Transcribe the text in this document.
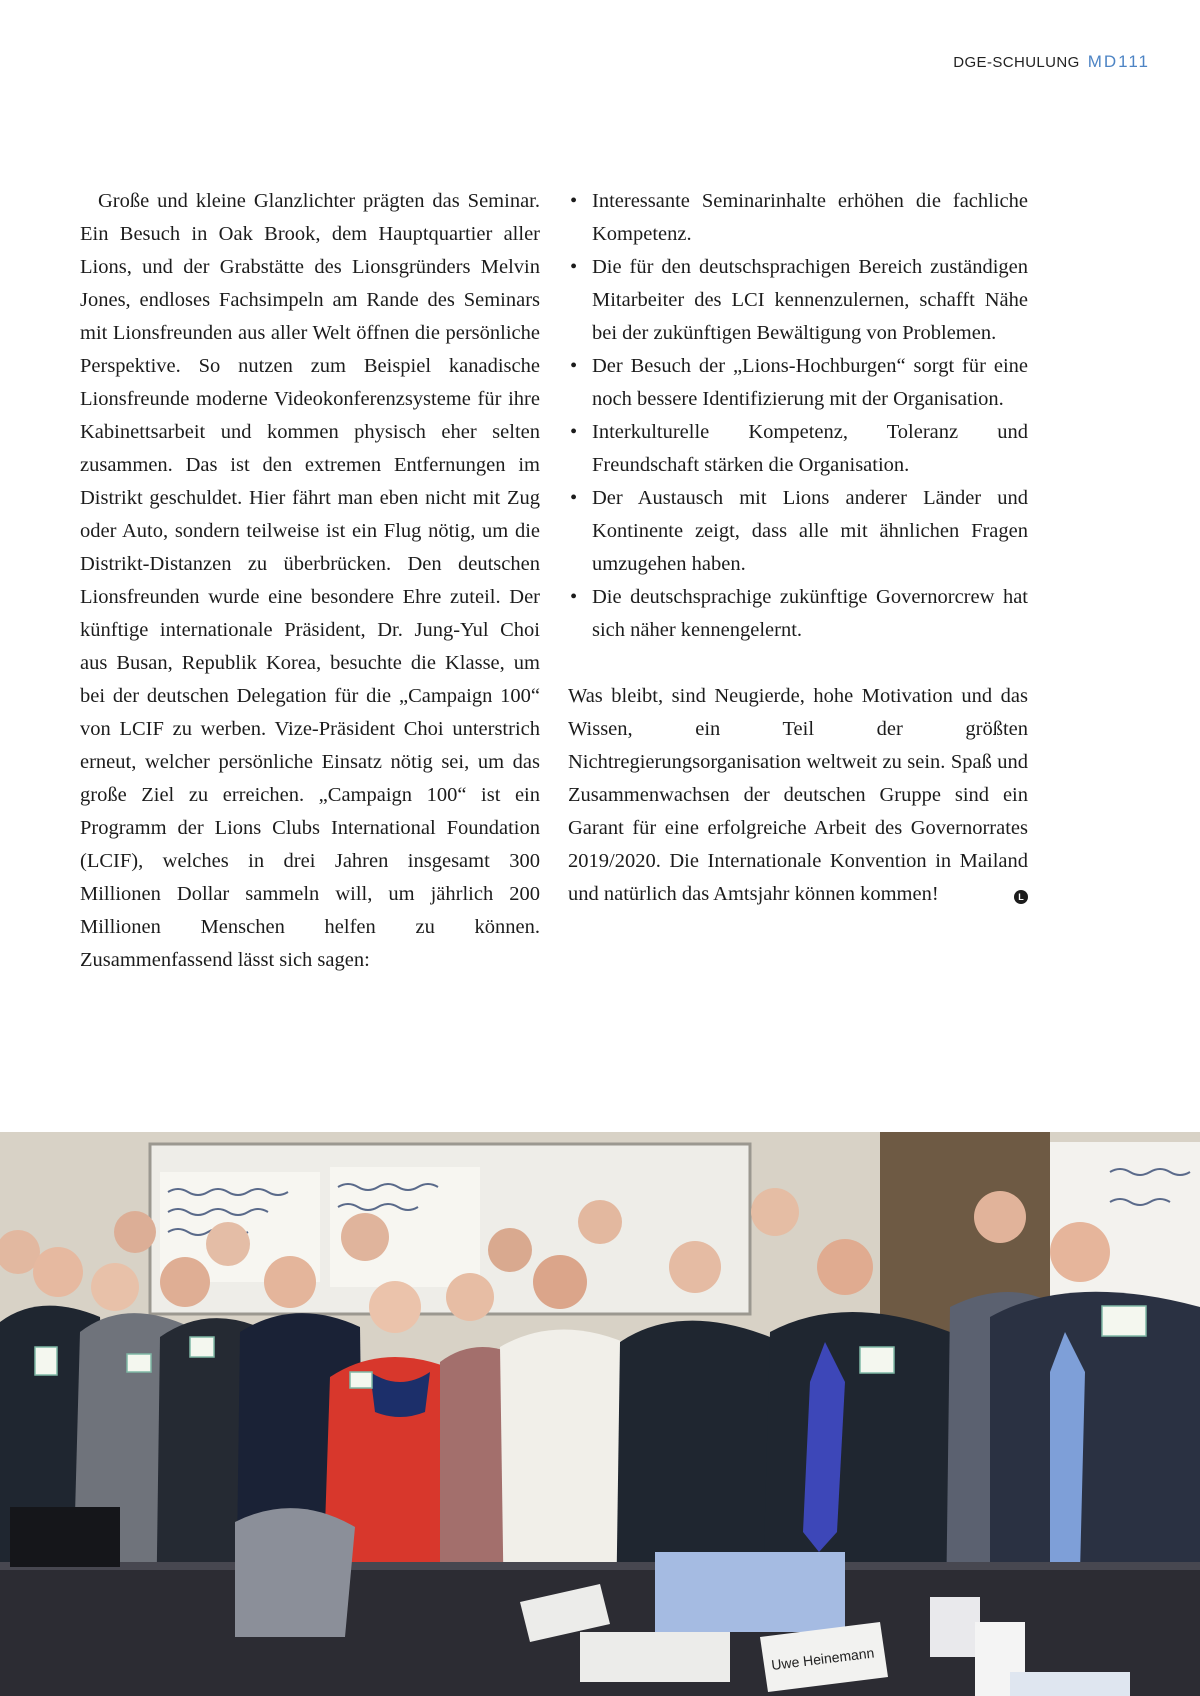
DGE-SCHULUNG MD111

Große und kleine Glanzlichter prägten das Seminar. Ein Besuch in Oak Brook, dem Hauptquartier aller Lions, und der Grabstätte des Lionsgründers Melvin Jones, endloses Fachsimpeln am Rande des Seminars mit Lionsfreunden aus aller Welt öffnen die persönliche Perspektive. So nutzen zum Beispiel kanadische Lionsfreunde moderne Videokonferenzsysteme für ihre Kabinettsarbeit und kommen physisch eher selten zusammen. Das ist den extremen Entfernungen im Distrikt geschuldet. Hier fährt man eben nicht mit Zug oder Auto, sondern teilweise ist ein Flug nötig, um die Distrikt-Distanzen zu überbrücken. Den deutschen Lionsfreunden wurde eine besondere Ehre zuteil. Der künftige internationale Präsident, Dr. Jung-Yul Choi aus Busan, Republik Korea, besuchte die Klasse, um bei der deutschen Delegation für die „Campaign 100“ von LCIF zu werben. Vize-Präsident Choi unterstrich erneut, welcher persönliche Einsatz nötig sei, um das große Ziel zu erreichen. „Campaign 100“ ist ein Programm der Lions Clubs International Foundation (LCIF), welches in drei Jahren insgesamt 300 Millionen Dollar sammeln will, um jährlich 200 Millionen Menschen helfen zu können. Zusammenfassend lässt sich sagen:

• Interessante Seminarinhalte erhöhen die fachliche Kompetenz.
• Die für den deutschsprachigen Bereich zuständigen Mitarbeiter des LCI kennenzulernen, schafft Nähe bei der zukünftigen Bewältigung von Problemen.
• Der Besuch der „Lions-Hochburgen“ sorgt für eine noch bessere Identifizierung mit der Organisation.
• Interkulturelle Kompetenz, Toleranz und Freundschaft stärken die Organisation.
• Der Austausch mit Lions anderer Länder und Kontinente zeigt, dass alle mit ähnlichen Fragen umzugehen haben.
• Die deutschsprachige zukünftige Governorcrew hat sich näher kennengelernt.

Was bleibt, sind Neugierde, hohe Motivation und das Wissen, ein Teil der größten Nichtregierungsorganisation weltweit zu sein. Spaß und Zusammenwachsen der deutschen Gruppe sind ein Garant für eine erfolgreiche Arbeit des Governorrates 2019/2020. Die Internationale Konvention in Mailand und natürlich das Amtsjahr können kommen!	L

Uwe Heinemann
